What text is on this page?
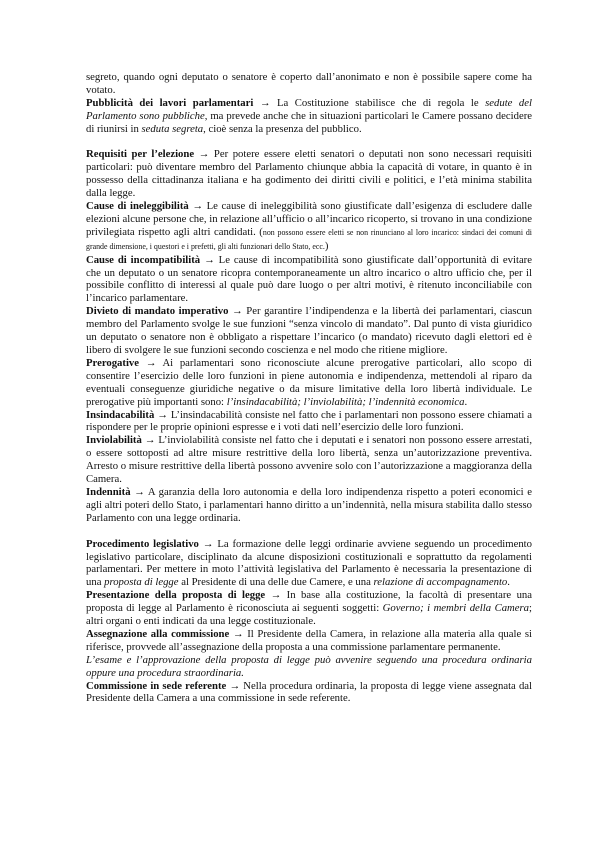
segreto, quando ogni deputato o senatore è coperto dall’anonimato e non è possibile sapere come ha votato.

Pubblicità dei lavori parlamentari → La Costituzione stabilisce che di regola le sedute del Parlamento sono pubbliche, ma prevede anche che in situazioni particolari le Camere possano decidere di riunirsi in seduta segreta, cioè senza la presenza del pubblico.

Requisiti per l’elezione → Per potere essere eletti senatori o deputati non sono necessari requisiti particolari: può diventare membro del Parlamento chiunque abbia la capacità di votare, in quanto è in possesso della cittadinanza italiana e ha godimento dei diritti civili e politici, e l’età minima stabilita dalla legge.

Cause di ineleggibilità → Le cause di ineleggibilità sono giustificate dall’esigenza di escludere dalle elezioni alcune persone che, in relazione all’ufficio o all’incarico ricoperto, si trovano in una condizione privilegiata rispetto agli altri candidati. (non possono essere eletti se non rinunciano al loro incarico: sindaci dei comuni di grande dimensione, i questori e i prefetti, gli alti funzionari dello Stato, ecc.)

Cause di incompatibilità → Le cause di incompatibilità sono giustificate dall’opportunità di evitare che un deputato o un senatore ricopra contemporaneamente un altro incarico o altro ufficio che, per il possibile conflitto di interessi al quale può dare luogo o per altri motivi, è ritenuto inconciliabile con l’incarico parlamentare.

Divieto di mandato imperativo → Per garantire l’indipendenza e la libertà dei parlamentari, ciascun membro del Parlamento svolge le sue funzioni “senza vincolo di mandato”. Dal punto di vista giuridico un deputato o senatore non è obbligato a rispettare l’incarico (o mandato) ricevuto dagli elettori ed è libero di svolgere le sue funzioni secondo coscienza e nel modo che ritiene migliore.

Prerogative → Ai parlamentari sono riconosciute alcune prerogative particolari, allo scopo di consentire l’esercizio delle loro funzioni in piene autonomia e indipendenza, mettendoli al riparo da eventuali conseguenze giuridiche negative o da misure limitative della loro libertà individuale. Le prerogative più importanti sono: l’insindacabilità; l’inviolabilità; l’indennità economica.

Insindacabilità → L’insindacabilità consiste nel fatto che i parlamentari non possono essere chiamati a rispondere per le proprie opinioni espresse e i voti dati nell’esercizio delle loro funzioni.

Inviolabilità → L’inviolabilità consiste nel fatto che i deputati e i senatori non possono essere arrestati, o essere sottoposti ad altre misure restrittive della loro libertà, senza un’autorizzazione preventiva. Arresto o misure restrittive della libertà possono avvenire solo con l’autorizzazione a maggioranza della Camera.

Indennità → A garanzia della loro autonomia e della loro indipendenza rispetto a poteri economici e agli altri poteri dello Stato, i parlamentari hanno diritto a un’indennità, nella misura stabilita dallo stesso Parlamento con una legge ordinaria.

Procedimento legislativo → La formazione delle leggi ordinarie avviene seguendo un procedimento legislativo particolare, disciplinato da alcune disposizioni costituzionali e soprattutto da regolamenti parlamentari. Per mettere in moto l’attività legislativa del Parlamento è necessaria la presentazione di una proposta di legge al Presidente di una delle due Camere, e una relazione di accompagnamento.

Presentazione della proposta di legge → In base alla costituzione, la facoltà di presentare una proposta di legge al Parlamento è riconosciuta ai seguenti soggetti: Governo; i membri della Camera; altri organi o enti indicati da una legge costituzionale.

Assegnazione alla commissione → Il Presidente della Camera, in relazione alla materia alla quale si riferisce, provvede all’assegnazione della proposta a una commissione parlamentare permanente.

L’esame e l’approvazione della proposta di legge può avvenire seguendo una procedura ordinaria oppure una procedura straordinaria.

Commissione in sede referente → Nella procedura ordinaria, la proposta di legge viene assegnata dal Presidente della Camera a una commissione in sede referente.
